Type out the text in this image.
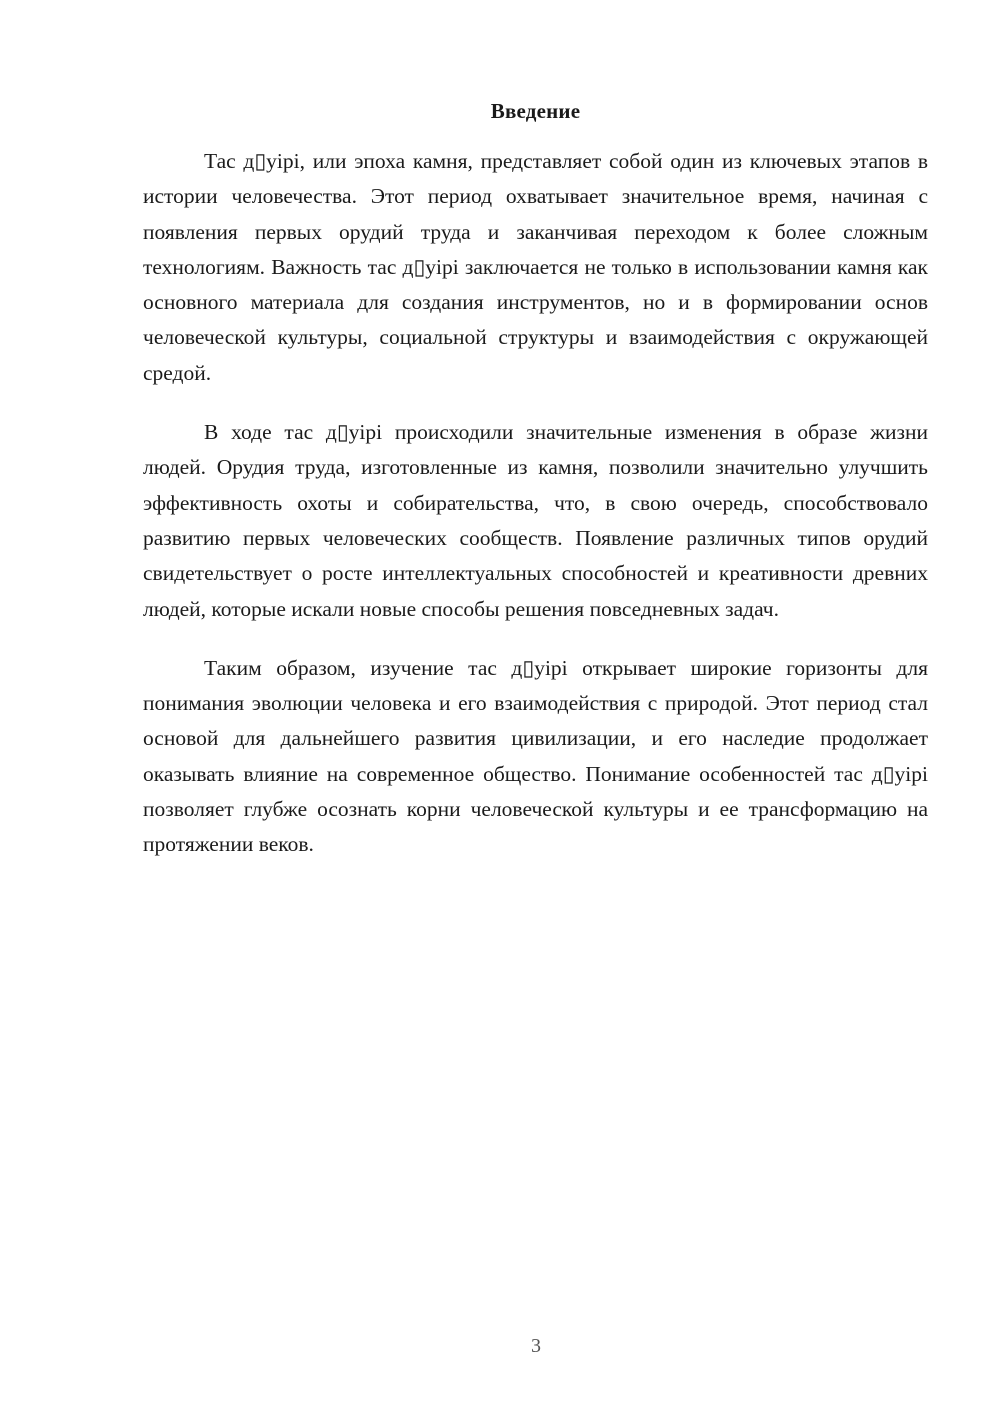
Введение

Тас д▯уірі, или эпоха камня, представляет собой один из ключевых этапов в истории человечества. Этот период охватывает значительное время, начиная с появления первых орудий труда и заканчивая переходом к более сложным технологиям. Важность тас д▯уірі заключается не только в использовании камня как основного материала для создания инструментов, но и в формировании основ человеческой культуры, социальной структуры и взаимодействия с окружающей средой.

В ходе тас д▯уірі происходили значительные изменения в образе жизни людей. Орудия труда, изготовленные из камня, позволили значительно улучшить эффективность охоты и собирательства, что, в свою очередь, способствовало развитию первых человеческих сообществ. Появление различных типов орудий свидетельствует о росте интеллектуальных способностей и креативности древних людей, которые искали новые способы решения повседневных задач.

Таким образом, изучение тас д▯уірі открывает широкие горизонты для понимания эволюции человека и его взаимодействия с природой. Этот период стал основой для дальнейшего развития цивилизации, и его наследие продолжает оказывать влияние на современное общество. Понимание особенностей тас д▯уірі позволяет глубже осознать корни человеческой культуры и ее трансформацию на протяжении веков.

3
